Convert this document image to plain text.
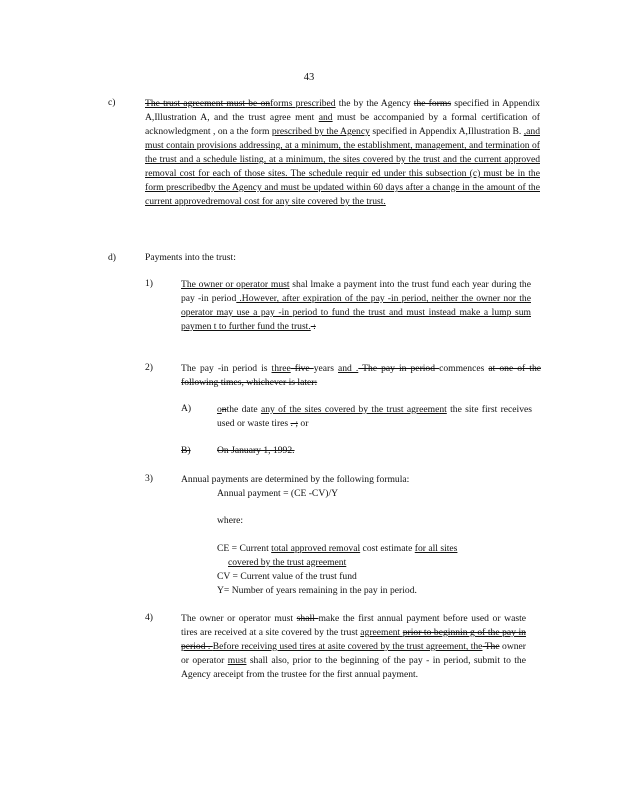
43
c)	The trust agreement must be onforms prescribed the by the Agency the forms specified in Appendix A,Illustration A, and the trust agree ment and must be accompanied by a formal certification of acknowledgment , on a the form prescribed by the Agency specified in Appendix A,Illustration B. ,and must contain provisions addressing, at a minimum, the establishment, management, and termination of the trust and a schedule listing, at a minimum, the sites covered by the trust and the current approved removal cost for each of those sites. The schedule requir ed under this subsection (c) must be in the form prescribedby the Agency and must be updated within 60 days after a change in the amount of the current approvedremoval cost for any site covered by the trust.
d)	Payments into the trust:
1)	The owner or operator must shal lmake a payment into the trust fund each year during the pay -in period .However, after expiration of the pay -in period, neither the owner nor the operator may use a pay -in period to fund the trust and must instead make a lump sum paymen t to further fund the trust. :
2)	The pay -in period is three five years and . The pay in period commences at one of the following times, whichever is later:
A)	onthe date any of the sites covered by the trust agreement the site first receives used or waste tires . ; or
B)	On January 1, 1992.
3)	Annual payments are determined by the following formula:
Annual payment = (CE -CV)/Y
where:
CE = Current total approved removal cost estimate for all sites
covered by the trust agreement
CV = Current value of the trust fund
Y= Number of years remaining in the pay in period.
4)	The owner or operator must shall make the first annual payment before used or waste tires are received at a site covered by the trust agreement prior to beginnin g of the pay in period . Before receiving used tires at asite covered by the trust agreement, the The owner or operator must shall also, prior to the beginning of the pay - in period, submit to the Agency areceipt from the trustee for the first annual payment.
